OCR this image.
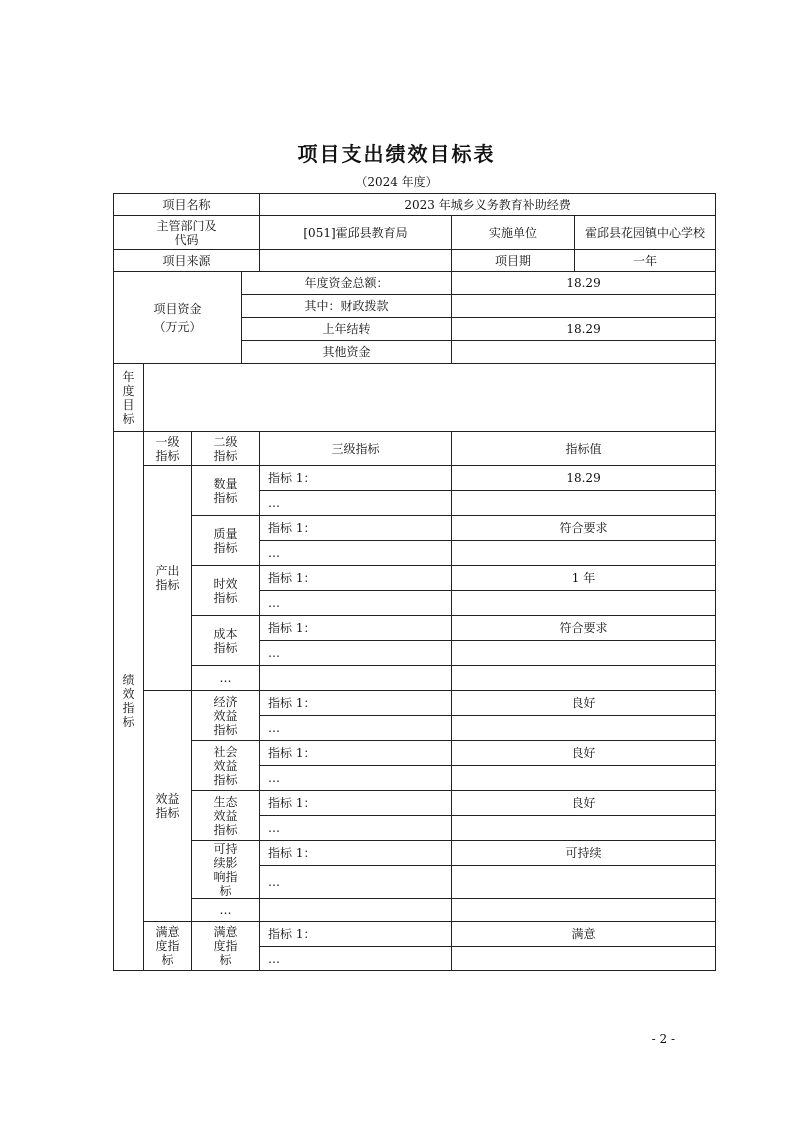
项目支出绩效目标表
（2024 年度）
项目名称				2023 年城乡义务教育补助经费		

主管部门及代码				[051]霍邱县教育局	实施单位	霍邱县花园镇中心学校
项目来源					项目期	一年

项目资金（万元）			年度资金总额：		18.29	
			其中：财政拨款			
			上年结转		18.29	
			其他资金			

年度目标						

绩效指标	一级指标	二级指标		三级指标	指标值	

	产出指标	数量指标		指标 1：	18.29	
				…		

		质量指标		指标 1：	符合要求	
				…		

		时效指标		指标 1：	1 年	
				…		

		成本指标		指标 1：	符合要求	
				…		
		…				

	效益指标	经济效益指标		指标 1：	良好	
				…		

		社会效益指标		指标 1：	良好	
				…		

		生态效益指标		指标 1：	良好	
				…		

		可持续影响指标		指标 1：	可持续	
				…		
		…				

	满意度指标	满意度指标		指标 1：	满意	
				…		
- 2 -
